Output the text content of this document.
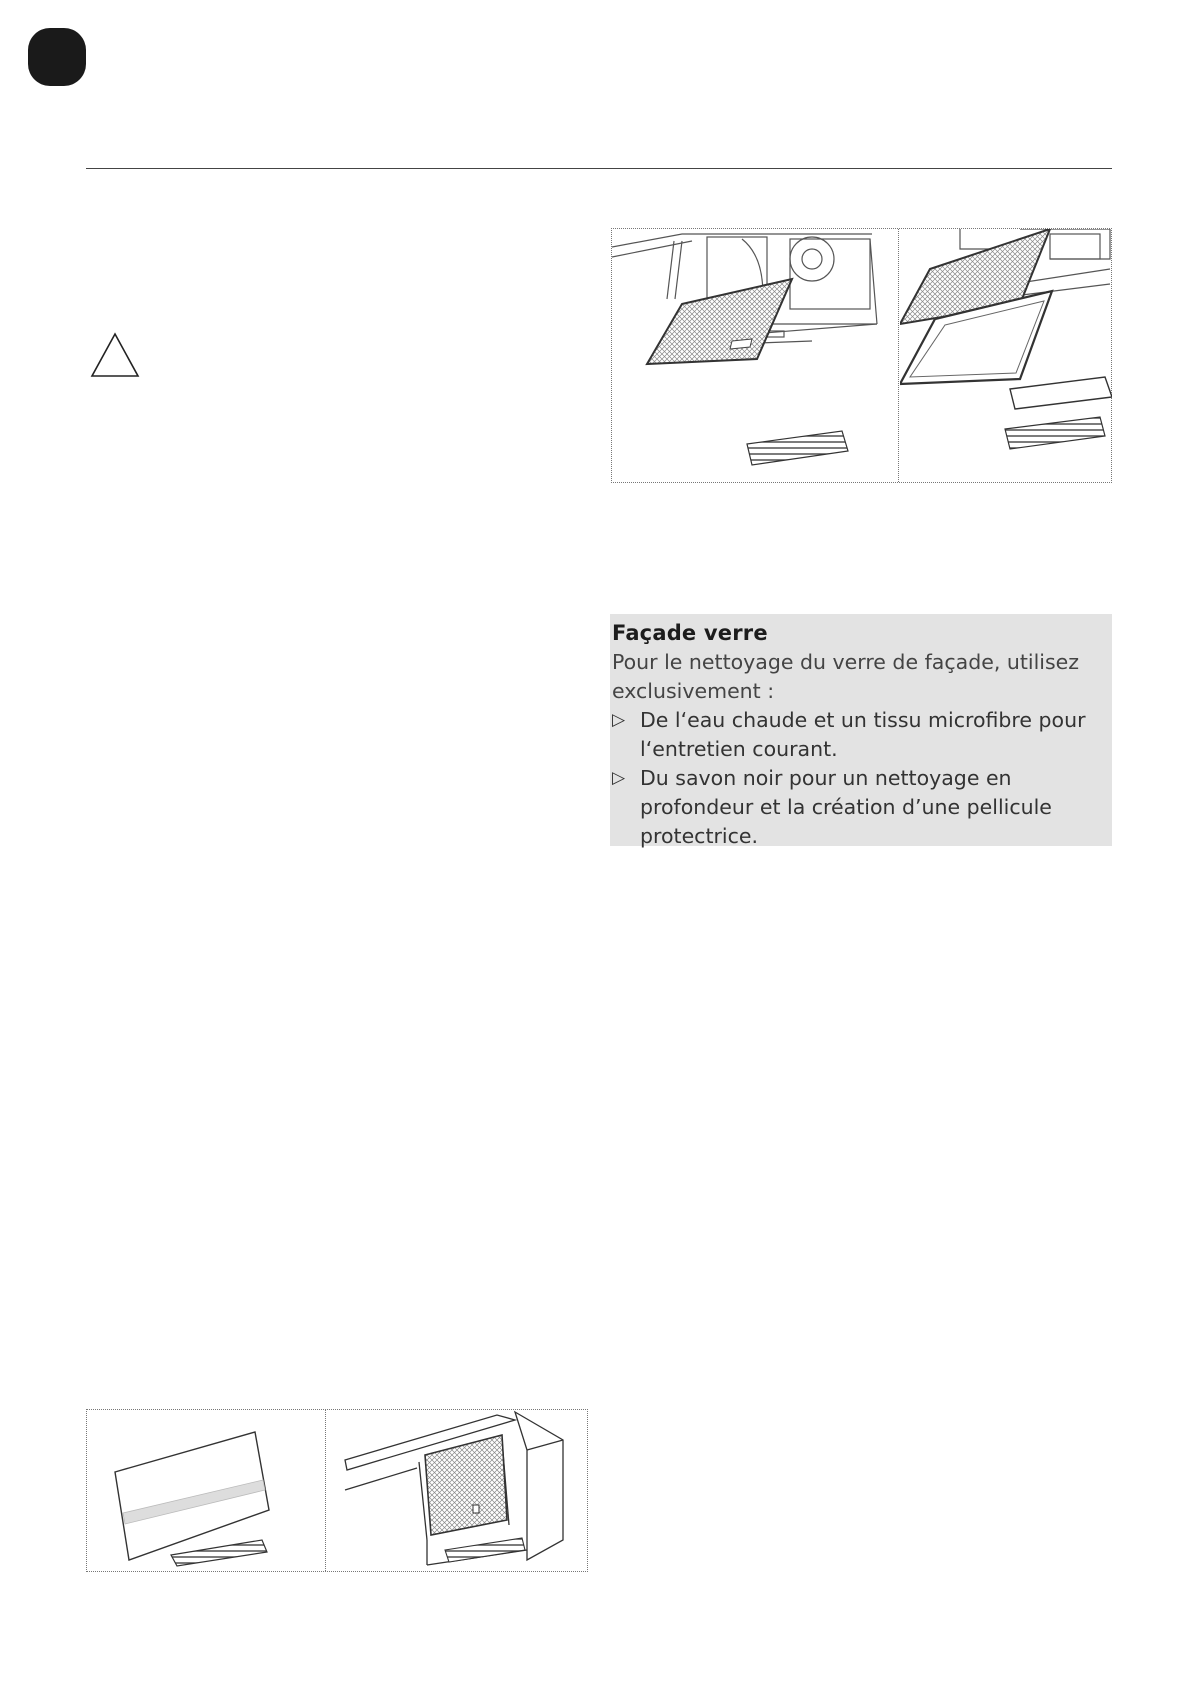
Façade verre

Pour le nettoyage du verre de façade, utilisez exclusivement :

▷ De l‘eau chaude et un tissu microfibre pour l‘entretien courant.
▷ Du savon noir pour un nettoyage en profondeur et la création d’une pellicule protectrice.
